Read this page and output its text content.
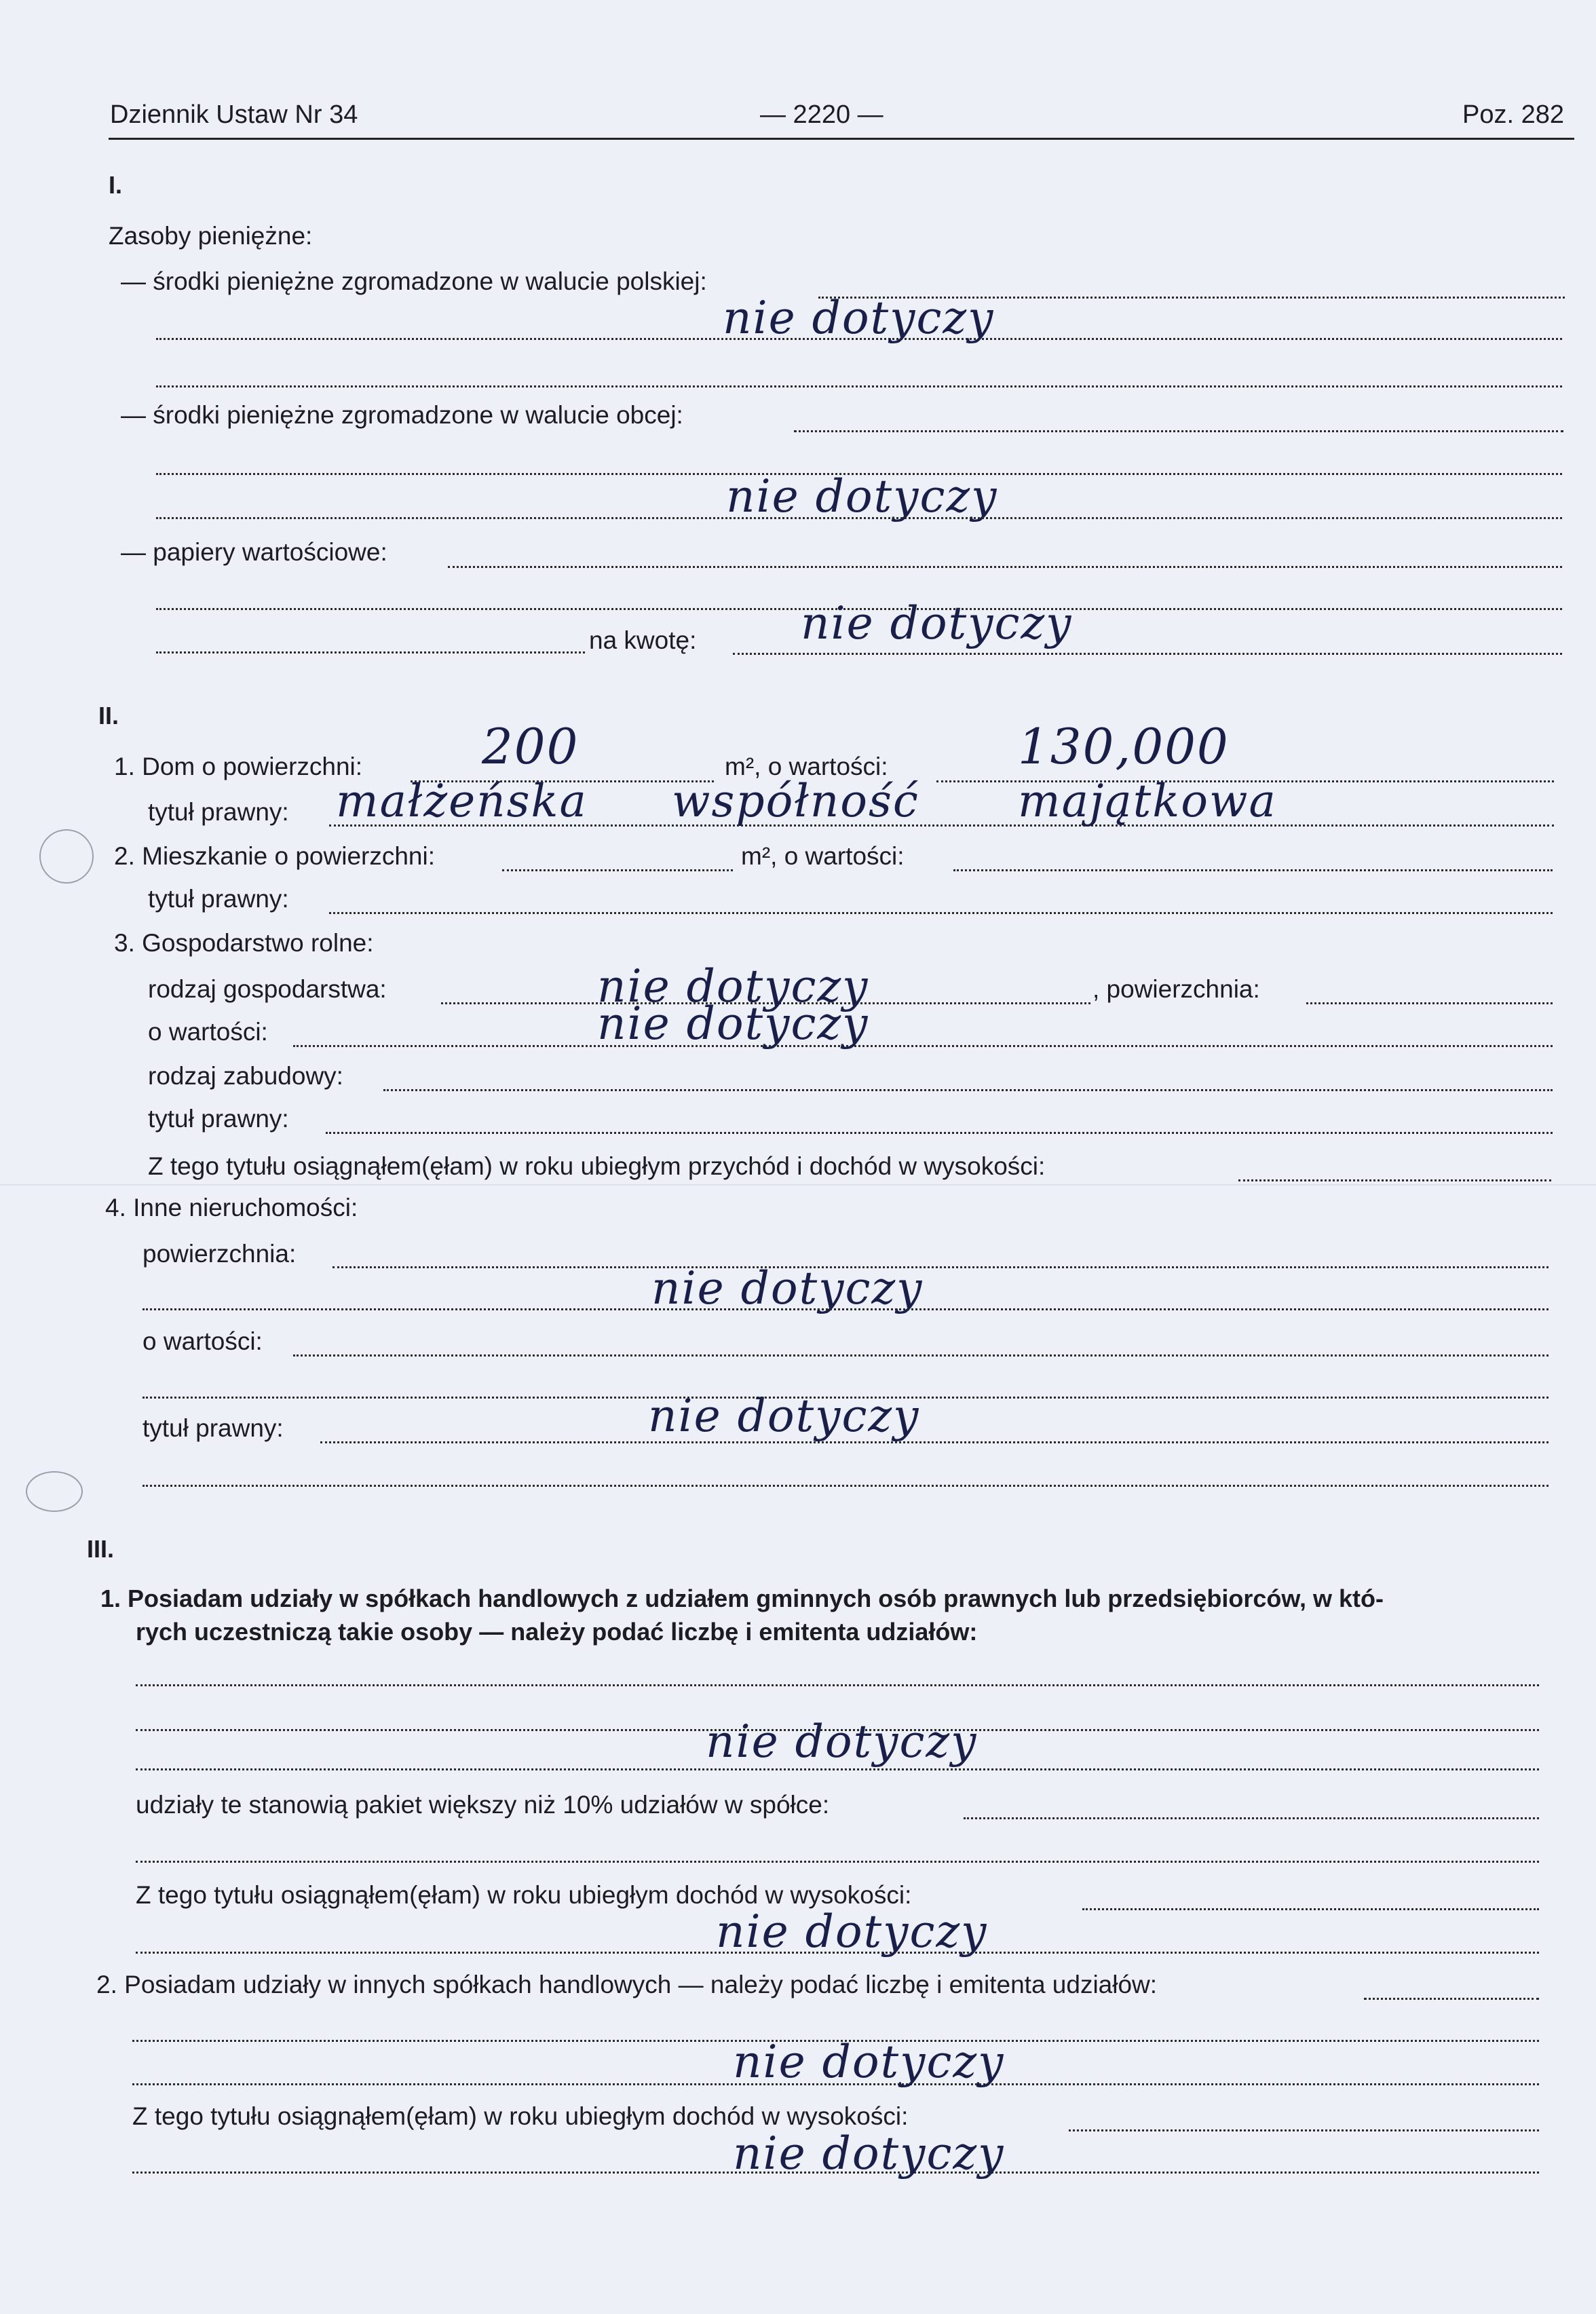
Dziennik Ustaw Nr 34	— 2220 —	Poz. 282
I.
Zasoby pieniężne:
— środki pieniężne zgromadzone w walucie polskiej:
nie dotyczy
— środki pieniężne zgromadzone w walucie obcej:
nie dotyczy
— papiery wartościowe:
na kwotę: nie dotyczy
II.
1. Dom o powierzchni: 200	m², o wartości:	130,000
tytuł prawny: małżeńska współność majątkowa
2. Mieszkanie o powierzchni:	m², o wartości:
tytuł prawny:
3. Gospodarstwo rolne:
rodzaj gospodarstwa:	nie dotyczy	, powierzchnia:
o wartości:	nie dotyczy
rodzaj zabudowy:
tytuł prawny:
Z tego tytułu osiągnąłem(ęłam) w roku ubiegłym przychód i dochód w wysokości:
4. Inne nieruchomości:
powierzchnia:
nie dotyczy
o wartości:
tytuł prawny:	nie dotyczy
III.
1. Posiadam udziały w spółkach handlowych z udziałem gminnych osób prawnych lub przedsiębiorców, w któ-
rych uczestniczą takie osoby — należy podać liczbę i emitenta udziałów:
nie dotyczy
udziały te stanowią pakiet większy niż 10% udziałów w spółce:
Z tego tytułu osiągnąłem(ęłam) w roku ubiegłym dochód w wysokości:
nie dotyczy
2. Posiadam udziały w innych spółkach handlowych — należy podać liczbę i emitenta udziałów:
nie dotyczy
Z tego tytułu osiągnąłem(ęłam) w roku ubiegłym dochód w wysokości:
nie dotyczy
